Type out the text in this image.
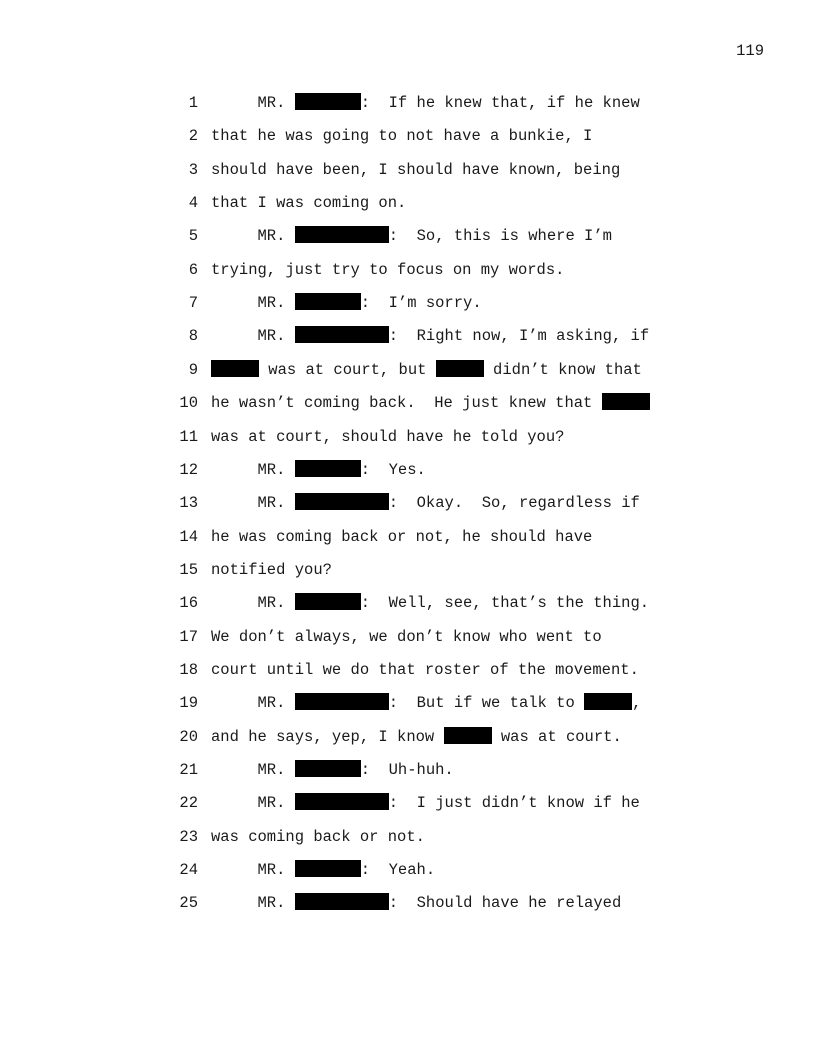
119
1 MR.	:  If he knew that, if he knew
2 that he was going to not have a bunkie, I
3 should have been, I should have known, being
4 that I was coming on.
5 MR.	:  So, this is where I’m
6 trying, just try to focus on my words.
7 MR.	:  I’m sorry.
8 MR.	:  Right now, I’m asking, if
9	was at court, but	didn’t know that
10 he wasn’t coming back.  He just knew that
11 was at court, should have he told you?
12 MR.	:  Yes.
13 MR.	:  Okay.  So, regardless if
14 he was coming back or not, he should have
15 notified you?
16 MR.	:  Well, see, that’s the thing.
17 We don’t always, we don’t know who went to
18 court until we do that roster of the movement.
19 MR.	:  But if we talk to	,
20 and he says, yep, I know	was at court.
21 MR.	:  Uh-huh.
22 MR.	:  I just didn’t know if he
23 was coming back or not.
24 MR.	:  Yeah.
25 MR.	:  Should have he relayed
